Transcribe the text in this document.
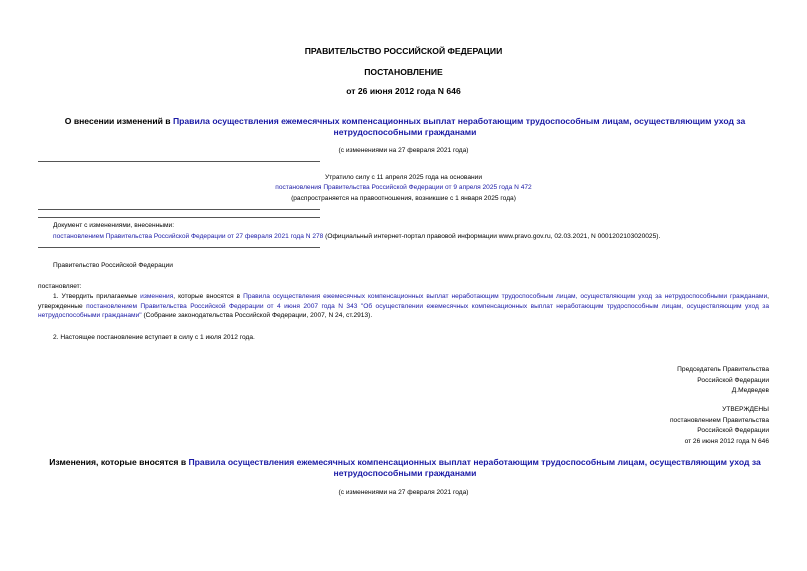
ПРАВИТЕЛЬСТВО РОССИЙСКОЙ ФЕДЕРАЦИИ
ПОСТАНОВЛЕНИЕ
от 26 июня 2012 года N 646
О внесении изменений в Правила осуществления ежемесячных компенсационных выплат неработающим трудоспособным лицам, осуществляющим уход за нетрудоспособными гражданами
(с изменениями на 27 февраля 2021 года)
Утратило силу с 11 апреля 2025 года на основании
постановления Правительства Российской Федерации от 9 апреля 2025 года N 472
(распространяется на правоотношения, возникшие с 1 января 2025 года)
Документ с изменениями, внесенными:
постановлением Правительства Российской Федерации от 27 февраля 2021 года N 278 (Официальный интернет-портал правовой информации www.pravo.gov.ru, 02.03.2021, N 0001202103020025).
Правительство Российской Федерации
постановляет:
1. Утвердить прилагаемые изменения, которые вносятся в Правила осуществления ежемесячных компенсационных выплат неработающим трудоспособным лицам, осуществляющим уход за нетрудоспособными гражданами, утвержденные постановлением Правительства Российской Федерации от 4 июня 2007 года N 343 "Об осуществлении ежемесячных компенсационных выплат неработающим трудоспособным лицам, осуществляющим уход за нетрудоспособными гражданами" (Собрание законодательства Российской Федерации, 2007, N 24, ст.2913).
2. Настоящее постановление вступает в силу с 1 июля 2012 года.
Председатель Правительства
Российской Федерации
Д.Медведев
УТВЕРЖДЕНЫ
постановлением Правительства
Российской Федерации
от 26 июня 2012 года N 646
Изменения, которые вносятся в Правила осуществления ежемесячных компенсационных выплат неработающим трудоспособным лицам, осуществляющим уход за нетрудоспособными гражданами
(с изменениями на 27 февраля 2021 года)
